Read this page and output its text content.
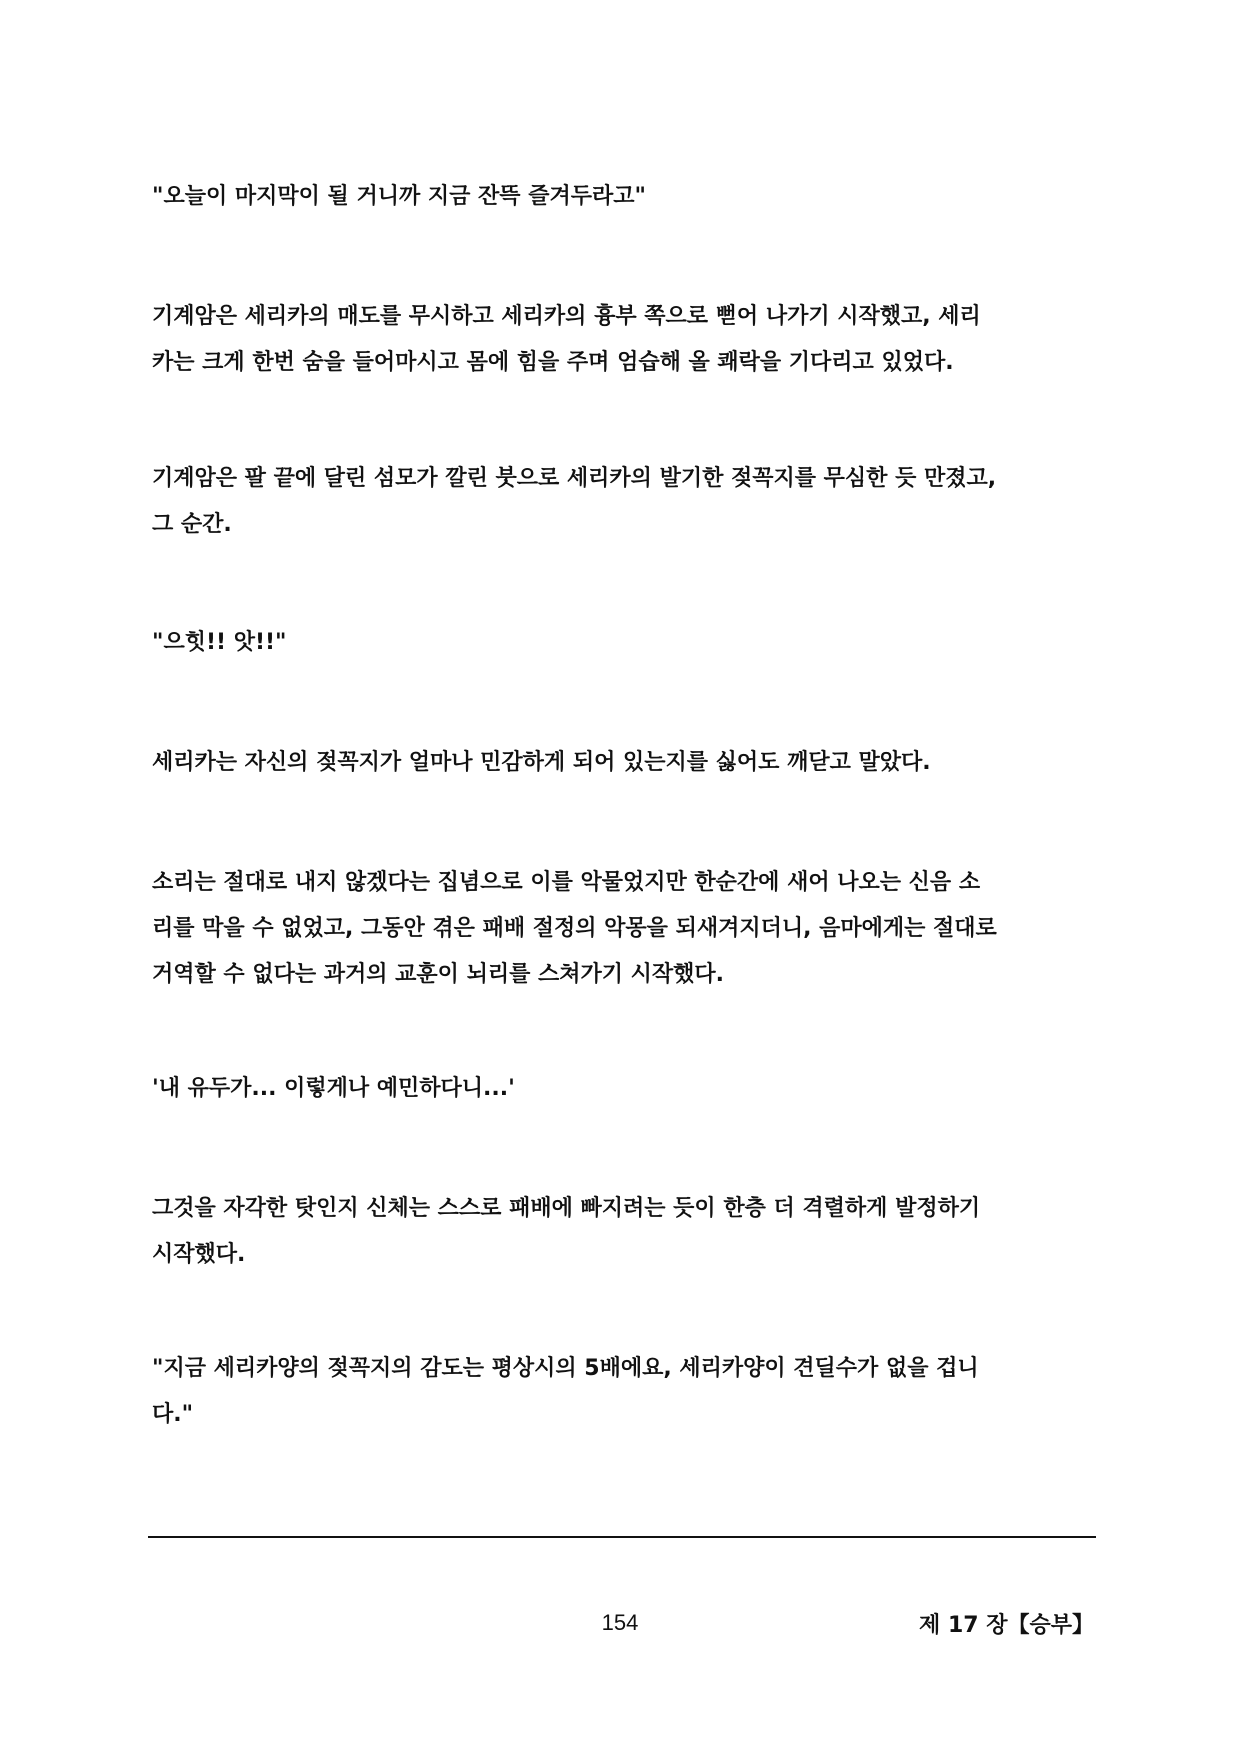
"오늘이 마지막이 될 거니까 지금 잔뜩 즐겨두라고"

기계암은 세리카의 매도를 무시하고 세리카의 흉부 쪽으로 뻗어 나가기 시작했고, 세리
카는 크게 한번 숨을 들어마시고 몸에 힘을 주며 엄습해 올 쾌락을 기다리고 있었다.

기계암은 팔 끝에 달린 섬모가 깔린 붓으로 세리카의 발기한 젖꼭지를 무심한 듯 만졌고,
그 순간.

"으힛!! 앗!!"

세리카는 자신의 젖꼭지가 얼마나 민감하게 되어 있는지를 싫어도 깨닫고 말았다.

소리는 절대로 내지 않겠다는 집념으로 이를 악물었지만 한순간에 새어 나오는 신음 소
리를 막을 수 없었고, 그동안 겪은 패배 절정의 악몽을 되새겨지더니, 음마에게는 절대로
거역할 수 없다는 과거의 교훈이 뇌리를 스쳐가기 시작했다.

'내 유두가... 이렇게나 예민하다니...'

그것을 자각한 탓인지 신체는 스스로 패배에 빠지려는 듯이 한층 더 격렬하게 발정하기
시작했다.

"지금 세리카양의 젖꼭지의 감도는 평상시의 5배에요, 세리카양이 견딜수가 없을 겁니
다."

154	제 17 장【승부】
